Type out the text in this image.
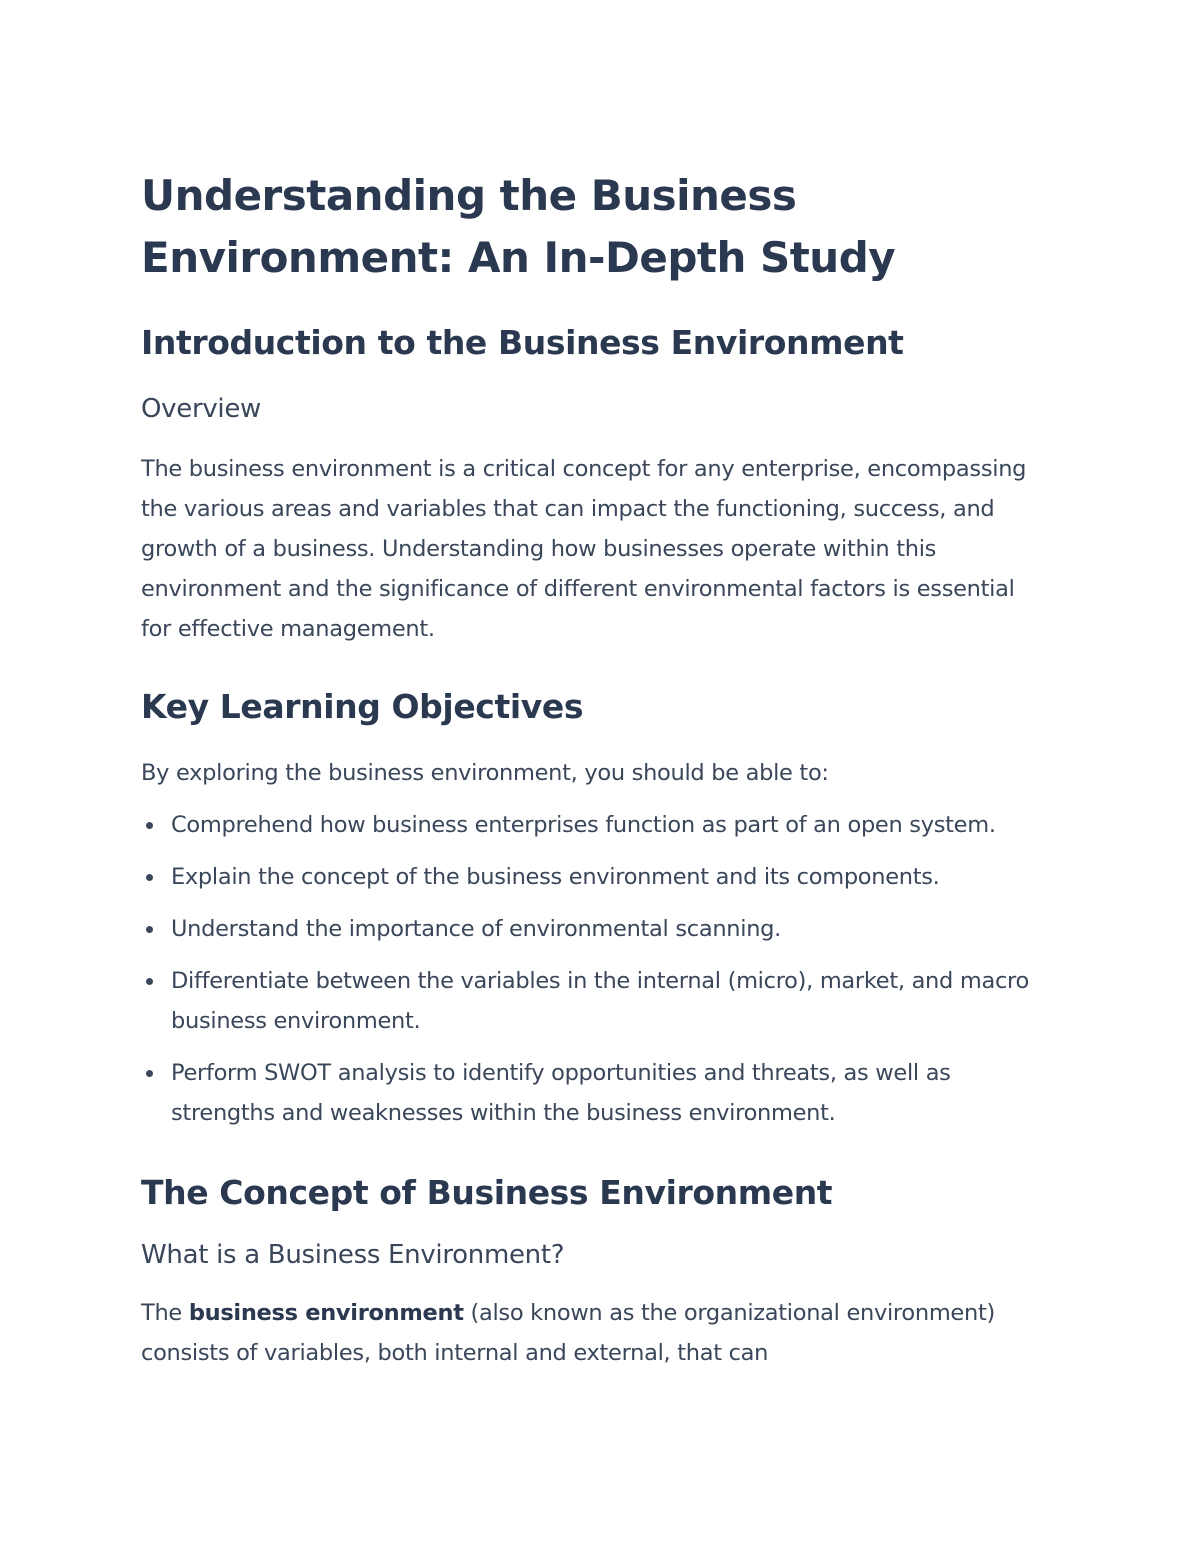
Understanding the Business Environment: An In-Depth Study
Introduction to the Business Environment
Overview

The business environment is a critical concept for any enterprise, encompassing the various areas and variables that can impact the functioning, success, and growth of a business. Understanding how businesses operate within this environment and the significance of different environmental factors is essential for effective management.

Key Learning Objectives

By exploring the business environment, you should be able to:

Comprehend how business enterprises function as part of an open system.
Explain the concept of the business environment and its components.
Understand the importance of environmental scanning.
Differentiate between the variables in the internal (micro), market, and macro business environment.
Perform SWOT analysis to identify opportunities and threats, as well as strengths and weaknesses within the business environment.
The Concept of Business Environment
What is a Business Environment?

The business environment (also known as the organizational environment) consists of variables, both internal and external, that can
